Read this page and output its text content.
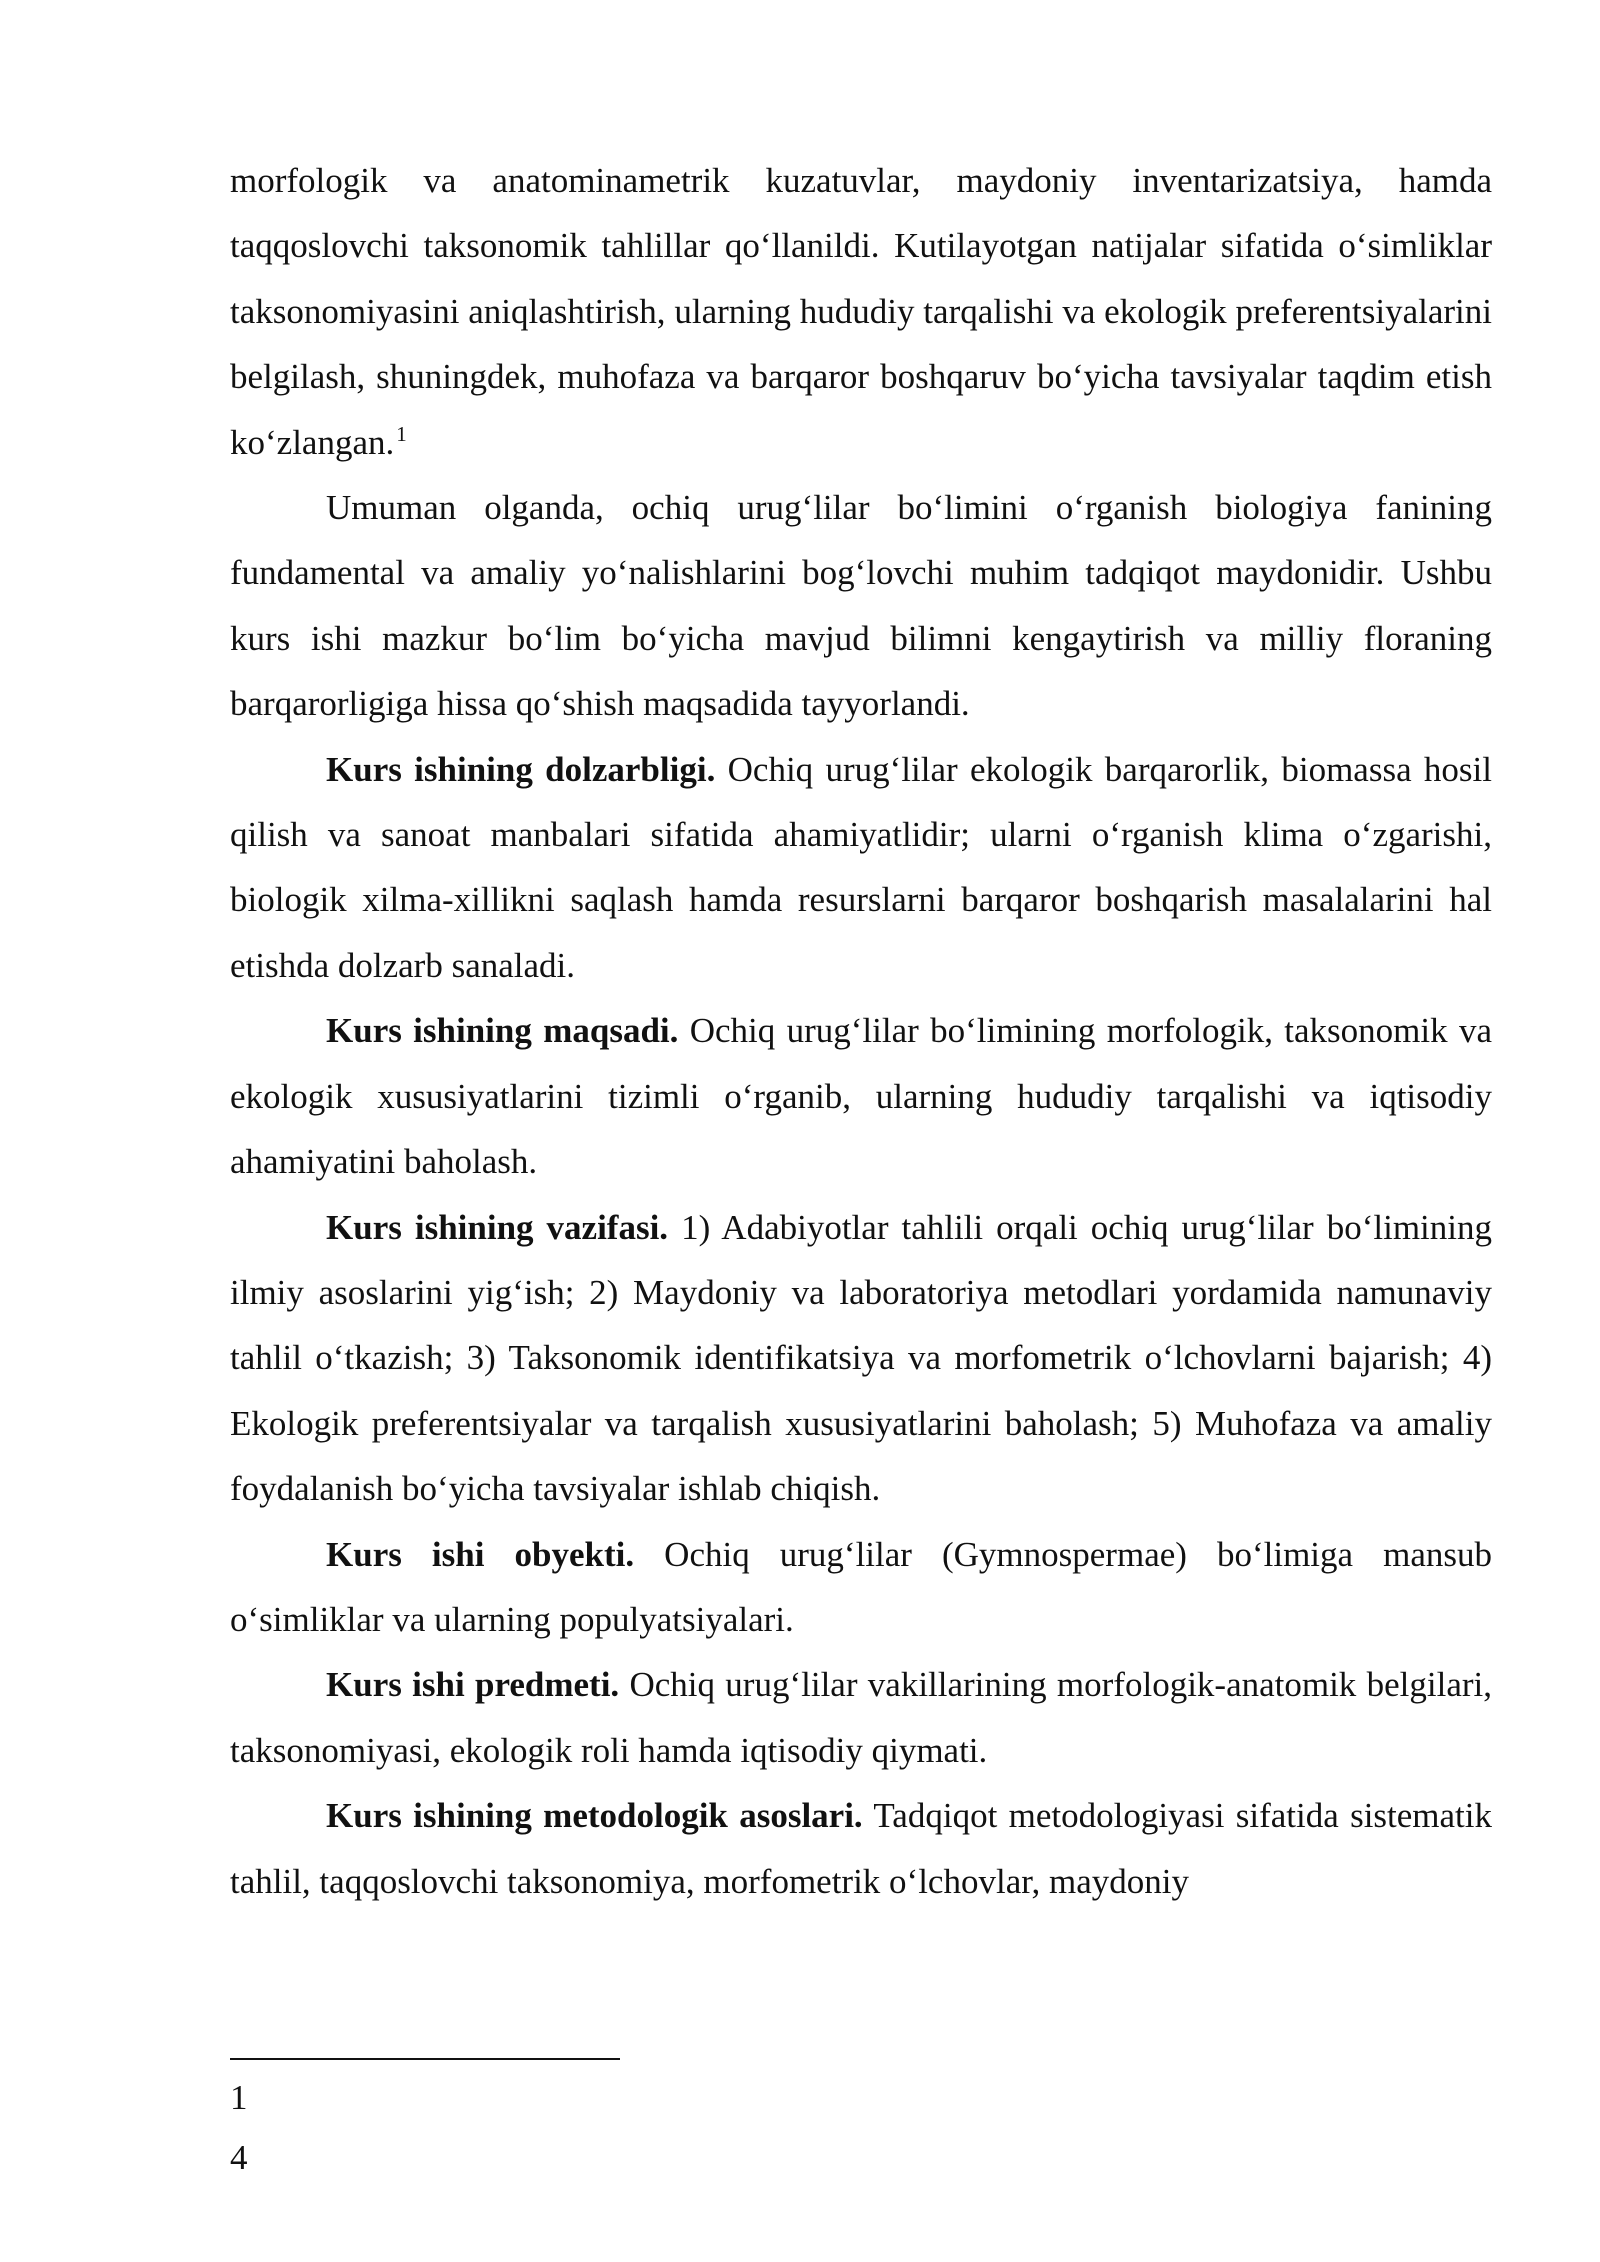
morfologik va anatominametrik kuzatuvlar, maydoniy inventarizatsiya, hamda taqqoslovchi taksonomik tahlillar qo‘llanildi. Kutilayotgan natijalar sifatida o‘simliklar taksonomiyasini aniqlashtirish, ularning hududiy tarqalishi va ekologik preferentsiyalarini belgilash, shuningdek, muhofaza va barqaror boshqaruv bo‘yicha tavsiyalar taqdim etish ko‘zlangan.$^1$

Umuman olganda, ochiq urug‘lilar bo‘limini o‘rganish biologiya fanining fundamental va amaliy yo‘nalishlarini bog‘lovchi muhim tadqiqot maydonidir. Ushbu kurs ishi mazkur bo‘lim bo‘yicha mavjud bilimni kengaytirish va milliy floraning barqarorligiga hissa qo‘shish maqsadida tayyorlandi.

Kurs ishining dolzarbligi. Ochiq urug‘lilar ekologik barqarorlik, biomassa hosil qilish va sanoat manbalari sifatida ahamiyatlidir; ularni o‘rganish klima o‘zgarishi, biologik xilma-xillikni saqlash hamda resurslarni barqaror boshqarish masalalarini hal etishda dolzarb sanaladi.

Kurs ishining maqsadi. Ochiq urug‘lilar bo‘limining morfologik, taksonomik va ekologik xususiyatlarini tizimli o‘rganib, ularning hududiy tarqalishi va iqtisodiy ahamiyatini baholash.

Kurs ishining vazifasi. 1) Adabiyotlar tahlili orqali ochiq urug‘lilar bo‘limining ilmiy asoslarini yig‘ish; 2) Maydoniy va laboratoriya metodlari yordamida namunaviy tahlil o‘tkazish; 3) Taksonomik identifikatsiya va morfometrik o‘lchovlarni bajarish; 4) Ekologik preferentsiyalar va tarqalish xususiyatlarini baholash; 5) Muhofaza va amaliy foydalanish bo‘yicha tavsiyalar ishlab chiqish.

Kurs ishi obyekti. Ochiq urug‘lilar (Gymnospermae) bo‘limiga mansub o‘simliklar va ularning populyatsiyalari.

Kurs ishi predmeti. Ochiq urug‘lilar vakillarining morfologik-anatomik belgilari, taksonomiyasi, ekologik roli hamda iqtisodiy qiymati.

Kurs ishining metodologik asoslari. Tadqiqot metodologiyasi sifatida sistematik tahlil, taqqoslovchi taksonomiya, morfometrik o‘lchovlar, maydoniy

1
4
